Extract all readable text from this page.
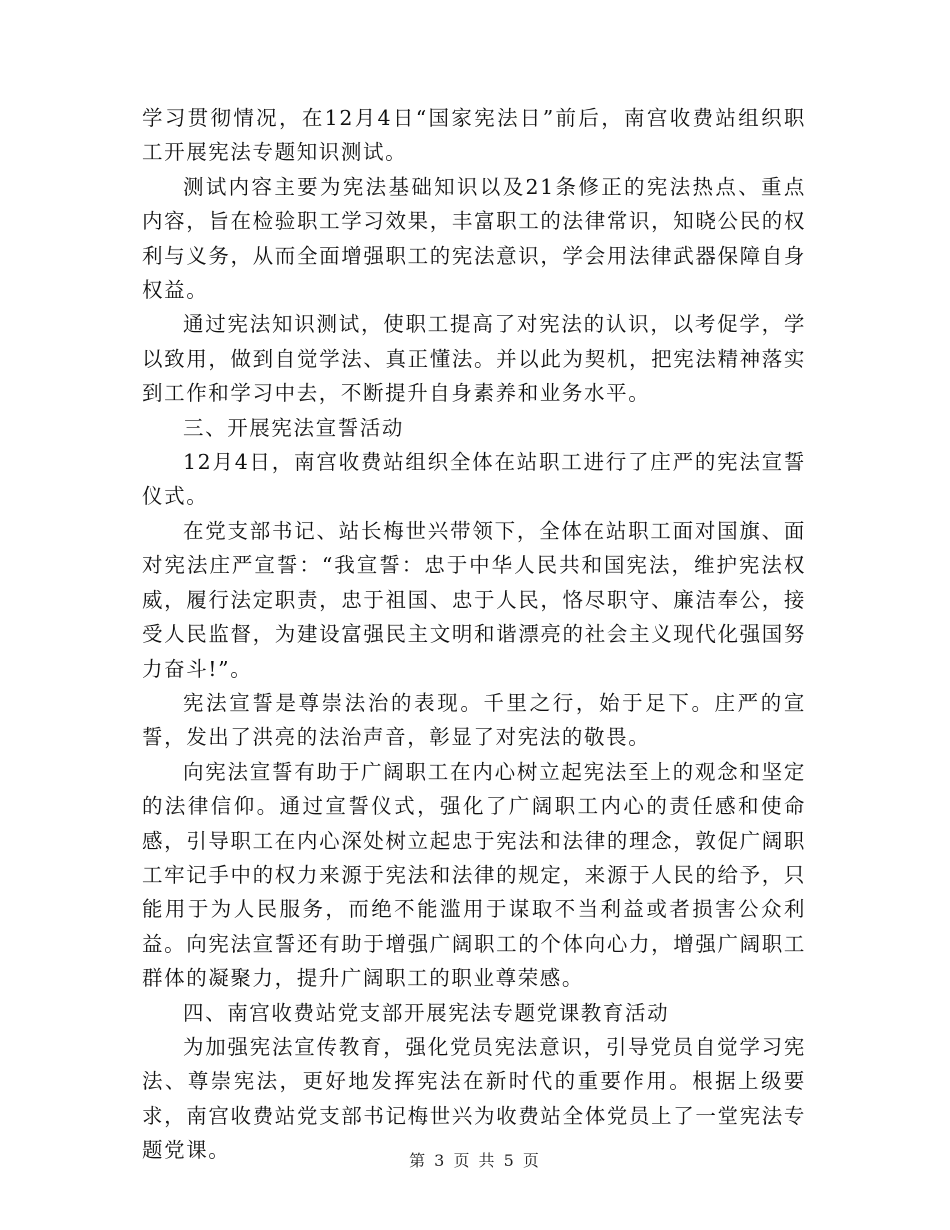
学习贯彻情况，在12月4日“国家宪法日”前后，南宫收费站组织职工开展宪法专题知识测试。

测试内容主要为宪法基础知识以及21条修正的宪法热点、重点内容，旨在检验职工学习效果，丰富职工的法律常识，知晓公民的权利与义务，从而全面增强职工的宪法意识，学会用法律武器保障自身权益。

通过宪法知识测试，使职工提高了对宪法的认识，以考促学，学以致用，做到自觉学法、真正懂法。并以此为契机，把宪法精神落实到工作和学习中去，不断提升自身素养和业务水平。

三、开展宪法宣誓活动

12月4日，南宫收费站组织全体在站职工进行了庄严的宪法宣誓仪式。

在党支部书记、站长梅世兴带领下，全体在站职工面对国旗、面对宪法庄严宣誓：“我宣誓：忠于中华人民共和国宪法，维护宪法权威，履行法定职责，忠于祖国、忠于人民，恪尽职守、廉洁奉公，接受人民监督，为建设富强民主文明和谐漂亮的社会主义现代化强国努力奋斗!”。

宪法宣誓是尊崇法治的表现。千里之行，始于足下。庄严的宣誓，发出了洪亮的法治声音，彰显了对宪法的敬畏。

向宪法宣誓有助于广阔职工在内心树立起宪法至上的观念和坚定的法律信仰。通过宣誓仪式，强化了广阔职工内心的责任感和使命感，引导职工在内心深处树立起忠于宪法和法律的理念，敦促广阔职工牢记手中的权力来源于宪法和法律的规定，来源于人民的给予，只能用于为人民服务，而绝不能滥用于谋取不当利益或者损害公众利益。向宪法宣誓还有助于增强广阔职工的个体向心力，增强广阔职工群体的凝聚力，提升广阔职工的职业尊荣感。

四、南宫收费站党支部开展宪法专题党课教育活动

为加强宪法宣传教育，强化党员宪法意识，引导党员自觉学习宪法、尊崇宪法，更好地发挥宪法在新时代的重要作用。根据上级要求，南宫收费站党支部书记梅世兴为收费站全体党员上了一堂宪法专题党课。	第 3 页 共 5 页
